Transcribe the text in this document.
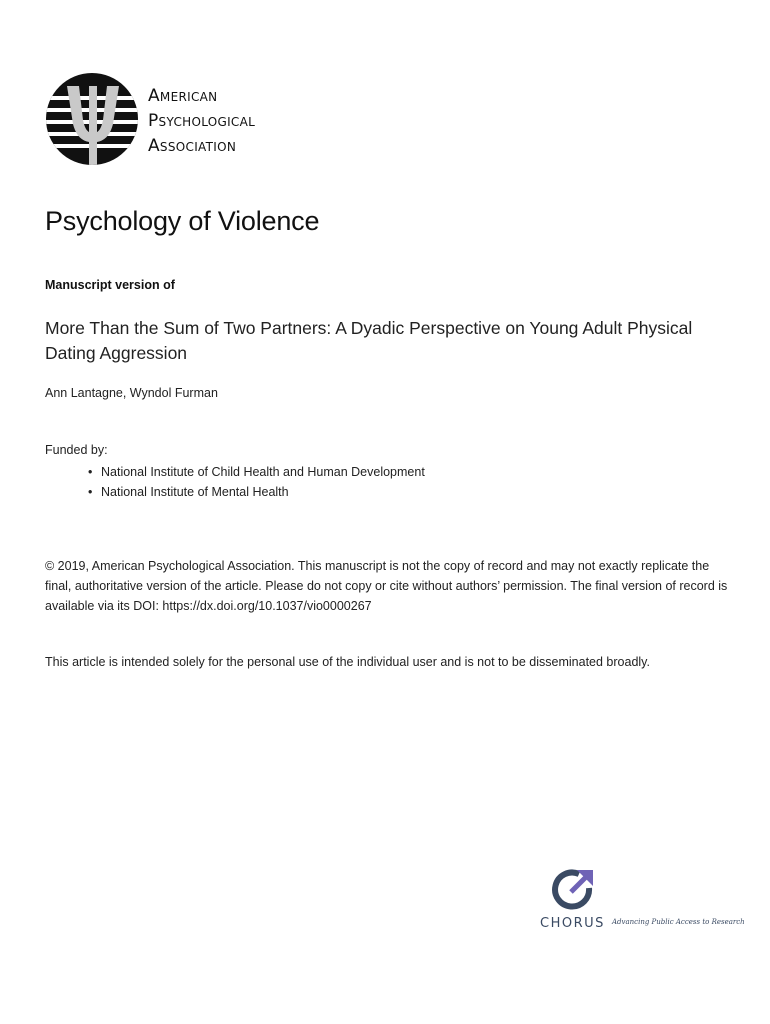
American
Psychological
Association
Psychology of Violence
Manuscript version of
More Than the Sum of Two Partners: A Dyadic Perspective on Young Adult Physical Dating Aggression
Ann Lantagne, Wyndol Furman
Funded by:
• National Institute of Child Health and Human Development
• National Institute of Mental Health
© 2019, American Psychological Association. This manuscript is not the copy of record and may not exactly replicate the final, authoritative version of the article. Please do not copy or cite without authors’ permission. The final version of record is available via its DOI: https://dx.doi.org/10.1037/vio0000267
This article is intended solely for the personal use of the individual user and is not to be disseminated broadly.
CHORUS Advancing Public Access to Research
